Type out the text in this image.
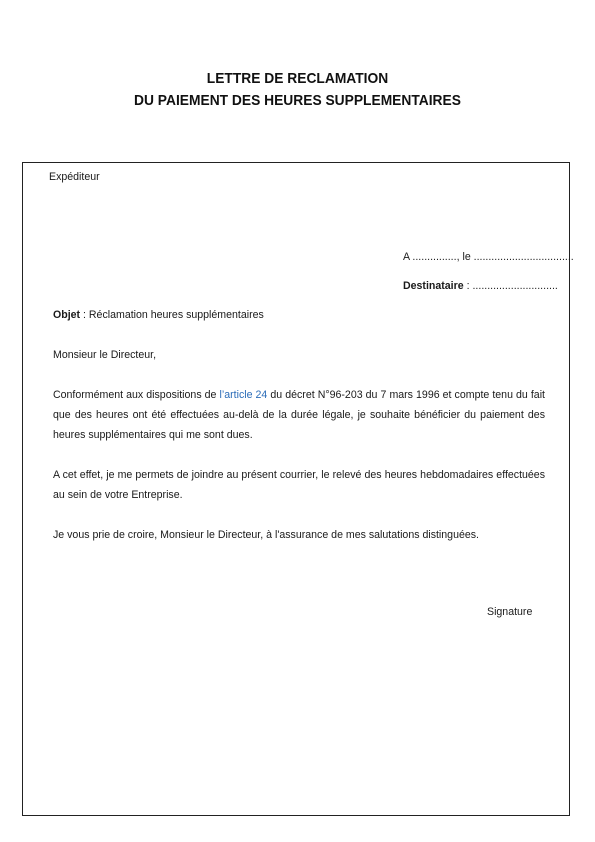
LETTRE DE RECLAMATION
DU PAIEMENT DES HEURES SUPPLEMENTAIRES
Expéditeur
A ..............., le ..................................
Destinataire : .............................
Objet : Réclamation heures supplémentaires
Monsieur le Directeur,
Conformément aux dispositions de l’article 24 du décret N°96-203 du 7 mars 1996 et compte tenu du fait que des heures ont été effectuées au-delà de la durée légale, je souhaite bénéficier du paiement des heures supplémentaires qui me sont dues.
A cet effet, je me permets de joindre au présent courrier, le relevé des heures hebdomadaires effectuées au sein de votre Entreprise.
Je vous prie de croire, Monsieur le Directeur, à l'assurance de mes salutations distinguées.
Signature
